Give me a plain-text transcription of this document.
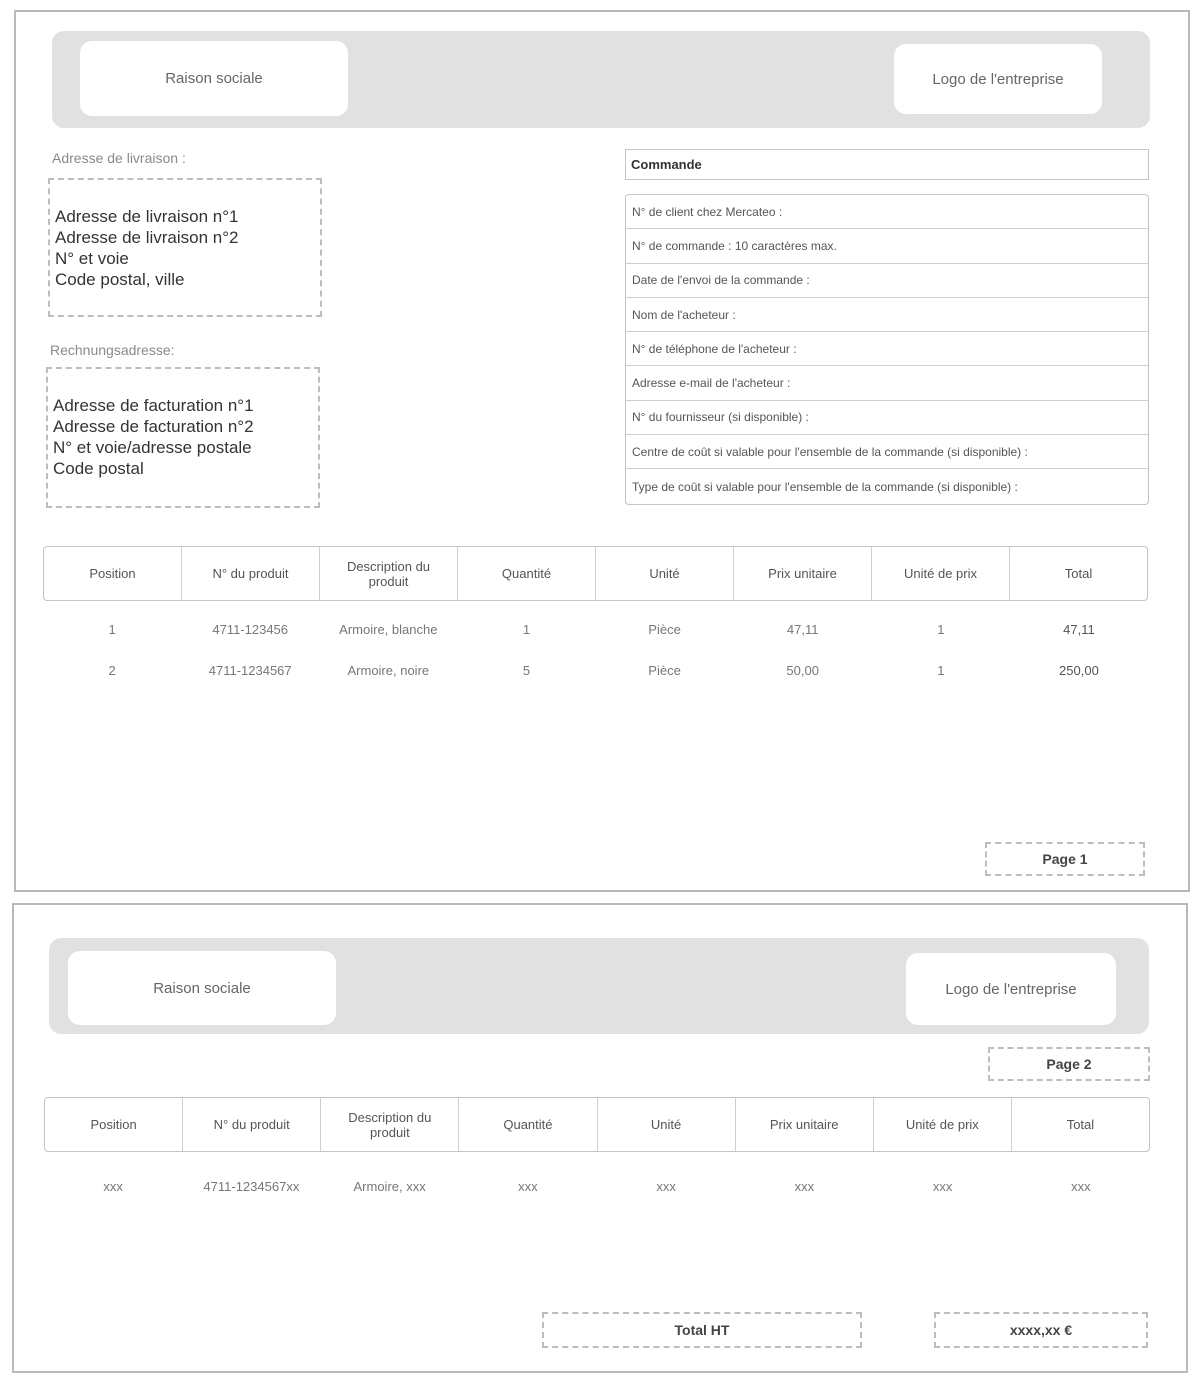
Raison sociale	Logo de l'entreprise
Adresse de livraison :
Adresse de livraison n°1
Adresse de livraison n°2
N° et voie
Code postal, ville
Rechnungsadresse:
Adresse de facturation n°1
Adresse de facturation n°2
N° et voie/adresse postale
Code postal
Commande
N° de client chez Mercateo :
N° de commande : 10 caractères max.
Date de l'envoi de la commande :
Nom de l'acheteur :
N° de téléphone de l'acheteur :
Adresse e-mail de l'acheteur :
N° du fournisseur (si disponible) :
Centre de coût si valable pour l'ensemble de la commande (si disponible) :
Type de coût si valable pour l'ensemble de la commande (si disponible) :
Position	N° du produit	Description du produit	Quantité	Unité	Prix unitaire	Unité de prix	Total
1	4711-123456	Armoire, blanche	1	Pièce	47,11	1	47,11
2	4711-1234567	Armoire, noire	5	Pièce	50,00	1	250,00
Page 1
Raison sociale	Logo de l'entreprise
Page 2
Position	N° du produit	Description du produit	Quantité	Unité	Prix unitaire	Unité de prix	Total
xxx	4711-1234567xx	Armoire, xxx	xxx	xxx	xxx	xxx	xxx
Total HT	xxxx,xx €
